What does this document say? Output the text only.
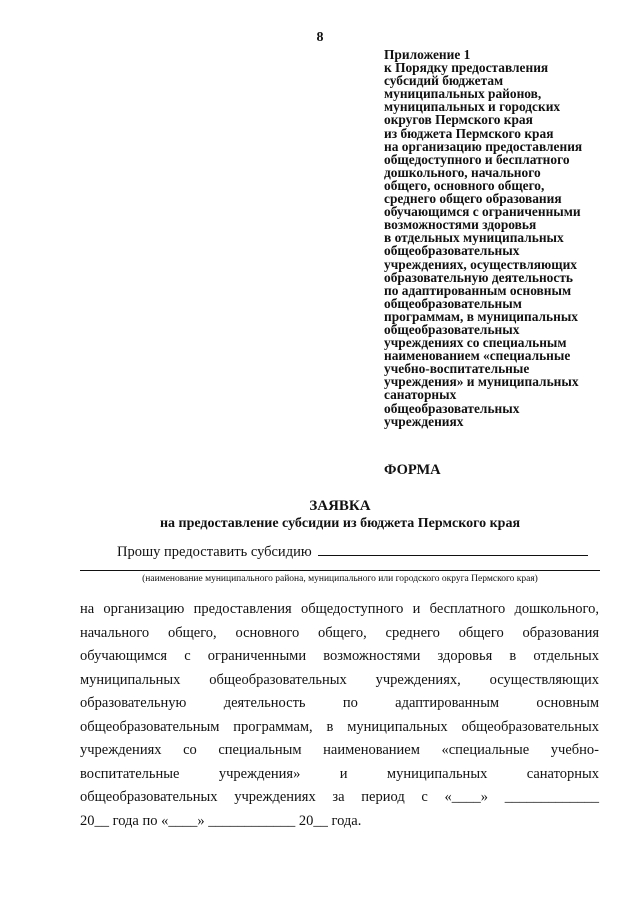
8
Приложение 1
к Порядку предоставления
субсидий бюджетам
муниципальных районов,
муниципальных и городских
округов Пермского края
из бюджета Пермского края
на организацию предоставления
общедоступного и бесплатного
дошкольного, начального
общего, основного общего,
среднего общего образования
обучающимся с ограниченными
возможностями здоровья
в отдельных муниципальных
общеобразовательных
учреждениях, осуществляющих
образовательную деятельность
по адаптированным основным
общеобразовательным
программам, в муниципальных
общеобразовательных
учреждениях со специальным
наименованием «специальные
учебно-воспитательные
учреждения» и муниципальных
санаторных
общеобразовательных
учреждениях
ФОРМА
ЗАЯВКА
на предоставление субсидии из бюджета Пермского края
Прошу предоставить субсидию
(наименование муниципального района, муниципального или городского округа Пермского края)
на организацию предоставления общедоступного и бесплатного дошкольного,
начального общего, основного общего, среднего общего образования
обучающимся с ограниченными возможностями здоровья в отдельных
муниципальных общеобразовательных учреждениях, осуществляющих
образовательную деятельность по адаптированным основным
общеобразовательным программам, в муниципальных общеобразовательных
учреждениях со специальным наименованием «специальные учебно-
воспитательные учреждения» и муниципальных санаторных
общеобразовательных учреждениях за период с «____» _____________
20__ года по «____» ____________ 20__ года.
